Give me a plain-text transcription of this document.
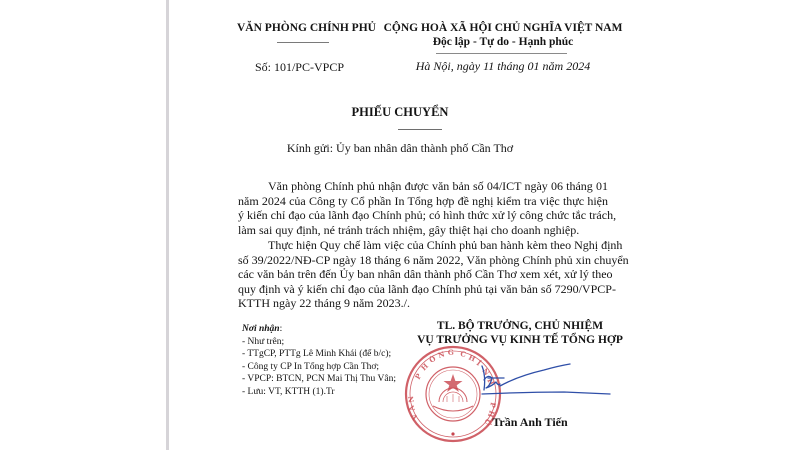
VĂN PHÒNG CHÍNH PHỦ
Số: 101/PC-VPCP
CỘNG HOÀ XÃ HỘI CHỦ NGHĨA VIỆT NAM
Độc lập - Tự do - Hạnh phúc
Hà Nội, ngày 11 tháng 01 năm 2024
PHIẾU CHUYỂN
Kính gửi: Ủy ban nhân dân thành phố Cần Thơ
Văn phòng Chính phủ nhận được văn bản số 04/ICT ngày 06 tháng 01
năm 2024 của Công ty Cổ phần In Tổng hợp đề nghị kiểm tra việc thực hiện
ý kiến chỉ đạo của lãnh đạo Chính phủ; có hình thức xử lý công chức tắc trách,
làm sai quy định, né tránh trách nhiệm, gây thiệt hại cho doanh nghiệp.
Thực hiện Quy chế làm việc của Chính phủ ban hành kèm theo Nghị định
số 39/2022/NĐ-CP ngày 18 tháng 6 năm 2022, Văn phòng Chính phủ xin chuyển
các văn bản trên đến Ủy ban nhân dân thành phố Cần Thơ xem xét, xử lý theo
quy định và ý kiến chỉ đạo của lãnh đạo Chính phủ tại văn bản số 7290/VPCP-
KTTH ngày 22 tháng 9 năm 2023./.
Nơi nhận:
- Như trên;
- TTgCP, PTTg Lê Minh Khái (để b/c);
- Công ty CP In Tổng hợp Cần Thơ;
- VPCP: BTCN, PCN Mai Thị Thu Vân;
- Lưu: VT, KTTH (1).Tr
P
H
Ò N G C H
Í
N
H
N
Ă
V
P
H
Ủ
TL. BỘ TRƯỞNG, CHỦ NHIỆM
VỤ TRƯỞNG VỤ KINH TẾ TỔNG HỢP
Trần Anh Tiến
